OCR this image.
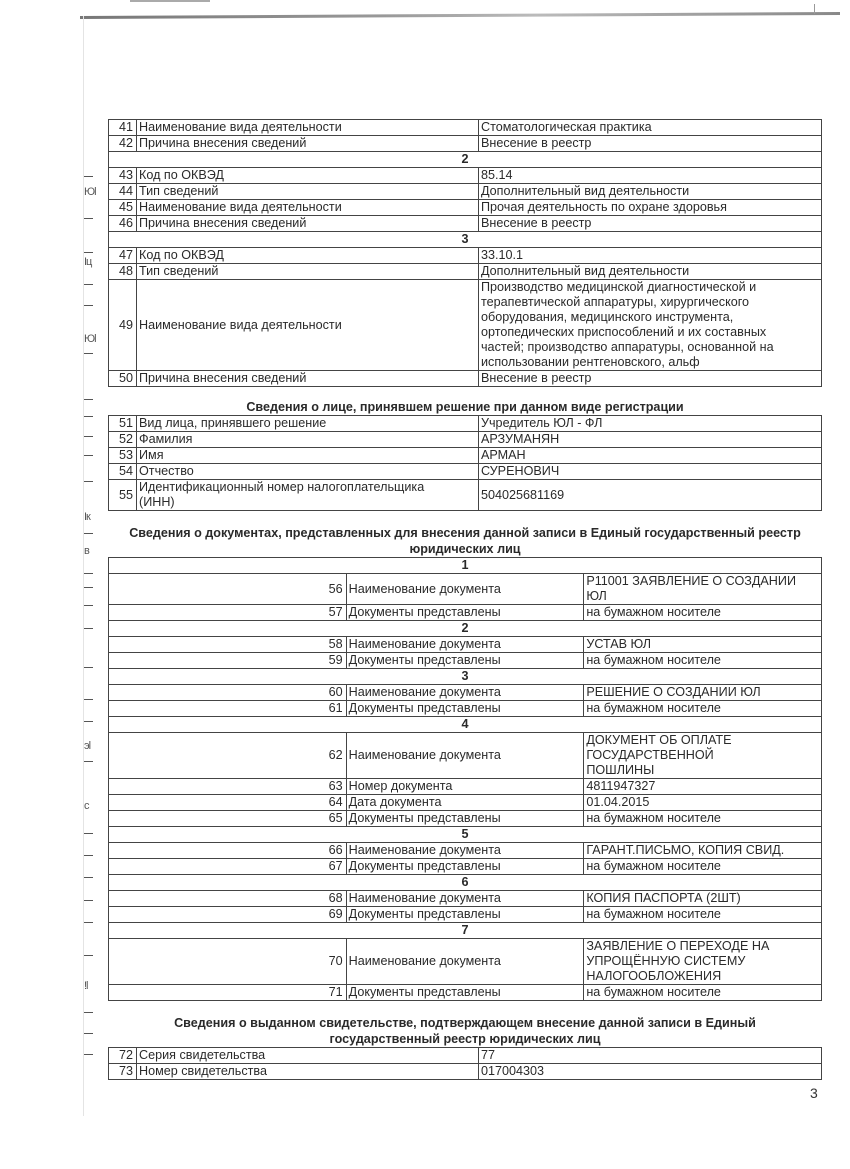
Юl
Iц
Юl
Iк
в
эl
c
!l
41	Наименование вида деятельности	Стоматологическая практика
42	Причина внесения сведений	Внесение в реестр
2		
43	Код по ОКВЭД	85.14
44	Тип сведений	Дополнительный вид деятельности
45	Наименование вида деятельности	Прочая деятельность по охране здоровья
46	Причина внесения сведений	Внесение в реестр
3		
47	Код по ОКВЭД	33.10.1
48	Тип сведений	Дополнительный вид деятельности
49	Наименование вида деятельности	Производство медицинской диагностической и терапевтической аппаратуры, хирургического оборудования, медицинского инструмента, ортопедических приспособлений и их составных частей; производство аппаратуры, основанной на использовании рентгеновского, альф
50	Причина внесения сведений	Внесение в реестр

Сведения о лице, принявшем решение при данном виде регистрации

51	Вид лица, принявшего решение	Учредитель ЮЛ - ФЛ
52	Фамилия	АРЗУМАНЯН
53	Имя	АРМАН
54	Отчество	СУРЕНОВИЧ
55	Идентификационный номер налогоплательщика (ИНН)	504025681169

Сведения о документах, представленных для внесения данной записи в Единый государственный реестр юридических лиц

1		
56	Наименование документа	Р11001 ЗАЯВЛЕНИЕ О СОЗДАНИИ ЮЛ
57	Документы представлены	на бумажном носителе
2		
58	Наименование документа	УСТАВ ЮЛ
59	Документы представлены	на бумажном носителе
3		
60	Наименование документа	РЕШЕНИЕ О СОЗДАНИИ ЮЛ
61	Документы представлены	на бумажном носителе
4		
62	Наименование документа	ДОКУМЕНТ ОБ ОПЛАТЕ ГОСУДАРСТВЕННОЙ ПОШЛИНЫ
63	Номер документа	4811947327
64	Дата документа	01.04.2015
65	Документы представлены	на бумажном носителе
5		
66	Наименование документа	ГАРАНТ.ПИСЬМО, КОПИЯ СВИД.
67	Документы представлены	на бумажном носителе
6		
68	Наименование документа	КОПИЯ ПАСПОРТА (2ШТ)
69	Документы представлены	на бумажном носителе
7		
70	Наименование документа	ЗАЯВЛЕНИЕ О ПЕРЕХОДЕ НА УПРОЩЁННУЮ СИСТЕМУ НАЛОГООБЛОЖЕНИЯ
71	Документы представлены	на бумажном носителе

Сведения о выданном свидетельстве, подтверждающем внесение данной записи в Единый государственный реестр юридических лиц

72	Серия свидетельства	77
73	Номер свидетельства	017004303
3
